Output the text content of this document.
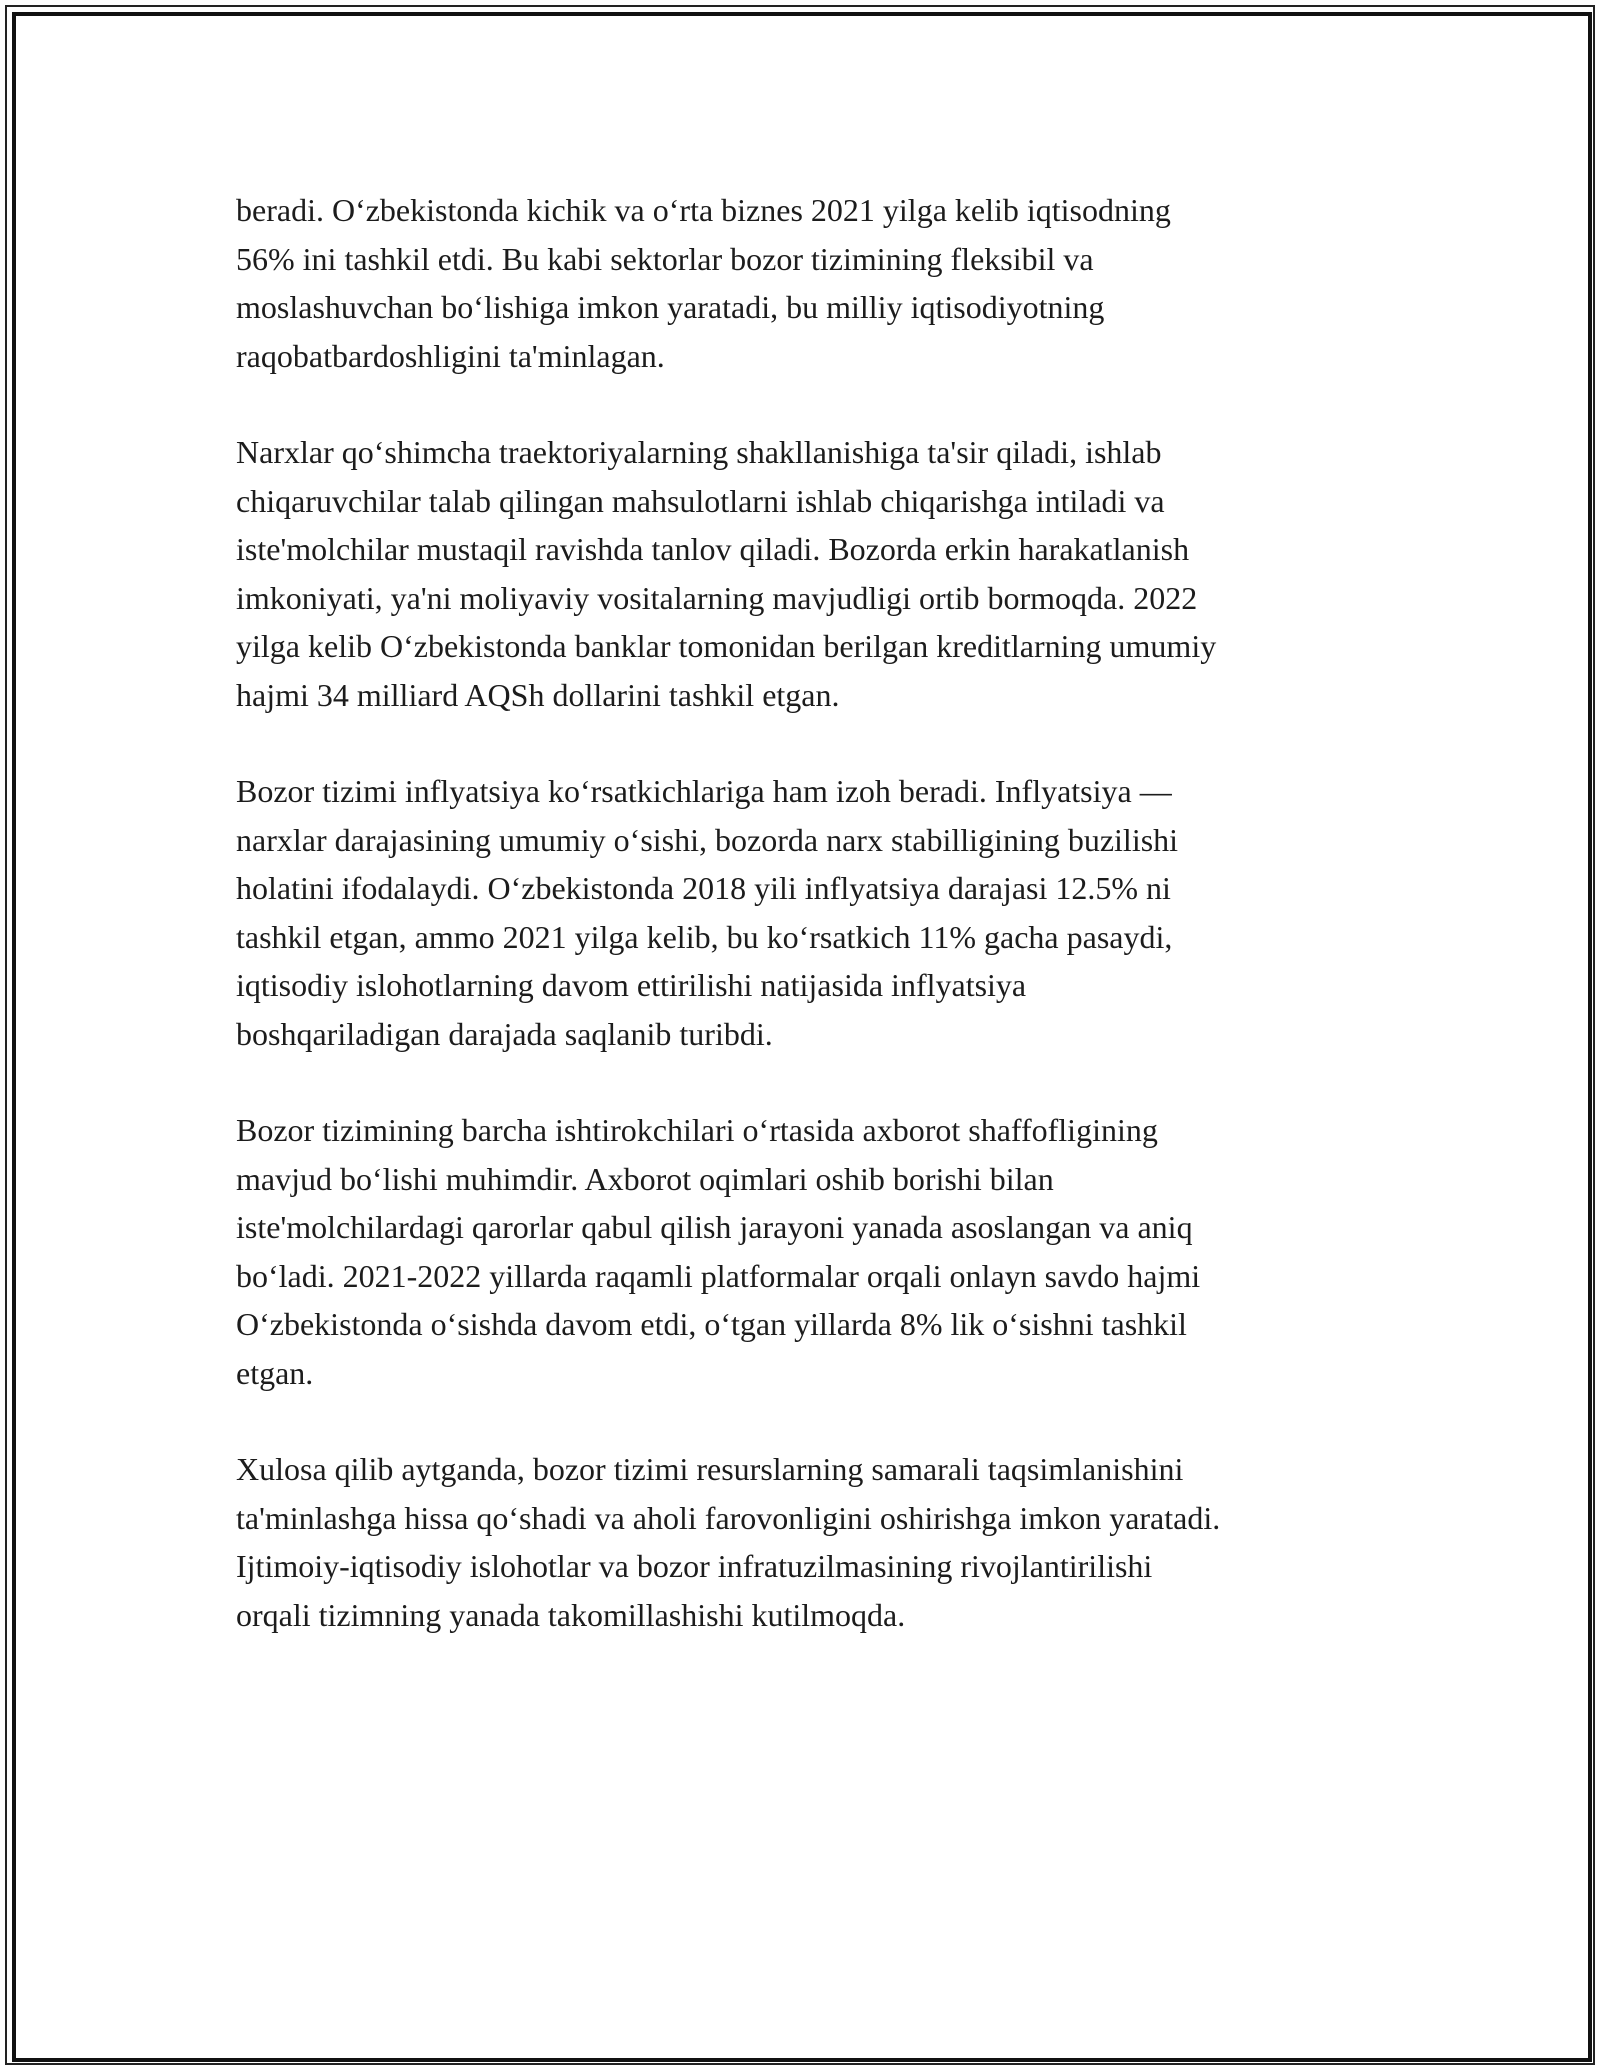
beradi. O‘zbekistonda kichik va o‘rta biznes 2021 yilga kelib iqtisodning
56% ini tashkil etdi. Bu kabi sektorlar bozor tizimining fleksibil va
moslashuvchan bo‘lishiga imkon yaratadi, bu milliy iqtisodiyotning
raqobatbardoshligini ta'minlagan.

Narxlar qo‘shimcha traektoriyalarning shakllanishiga ta'sir qiladi, ishlab
chiqaruvchilar talab qilingan mahsulotlarni ishlab chiqarishga intiladi va
iste'molchilar mustaqil ravishda tanlov qiladi. Bozorda erkin harakatlanish
imkoniyati, ya'ni moliyaviy vositalarning mavjudligi ortib bormoqda. 2022
yilga kelib O‘zbekistonda banklar tomonidan berilgan kreditlarning umumiy
hajmi 34 milliard AQSh dollarini tashkil etgan.

Bozor tizimi inflyatsiya ko‘rsatkichlariga ham izoh beradi. Inflyatsiya —
narxlar darajasining umumiy o‘sishi, bozorda narx stabilligining buzilishi
holatini ifodalaydi. O‘zbekistonda 2018 yili inflyatsiya darajasi 12.5% ni
tashkil etgan, ammo 2021 yilga kelib, bu ko‘rsatkich 11% gacha pasaydi,
iqtisodiy islohotlarning davom ettirilishi natijasida inflyatsiya
boshqariladigan darajada saqlanib turibdi.

Bozor tizimining barcha ishtirokchilari o‘rtasida axborot shaffofligining
mavjud bo‘lishi muhimdir. Axborot oqimlari oshib borishi bilan
iste'molchilardagi qarorlar qabul qilish jarayoni yanada asoslangan va aniq
bo‘ladi. 2021-2022 yillarda raqamli platformalar orqali onlayn savdo hajmi
O‘zbekistonda o‘sishda davom etdi, o‘tgan yillarda 8% lik o‘sishni tashkil
etgan.

Xulosa qilib aytganda, bozor tizimi resurslarning samarali taqsimlanishini
ta'minlashga hissa qo‘shadi va aholi farovonligini oshirishga imkon yaratadi.
Ijtimoiy-iqtisodiy islohotlar va bozor infratuzilmasining rivojlantirilishi
orqali tizimning yanada takomillashishi kutilmoqda.
